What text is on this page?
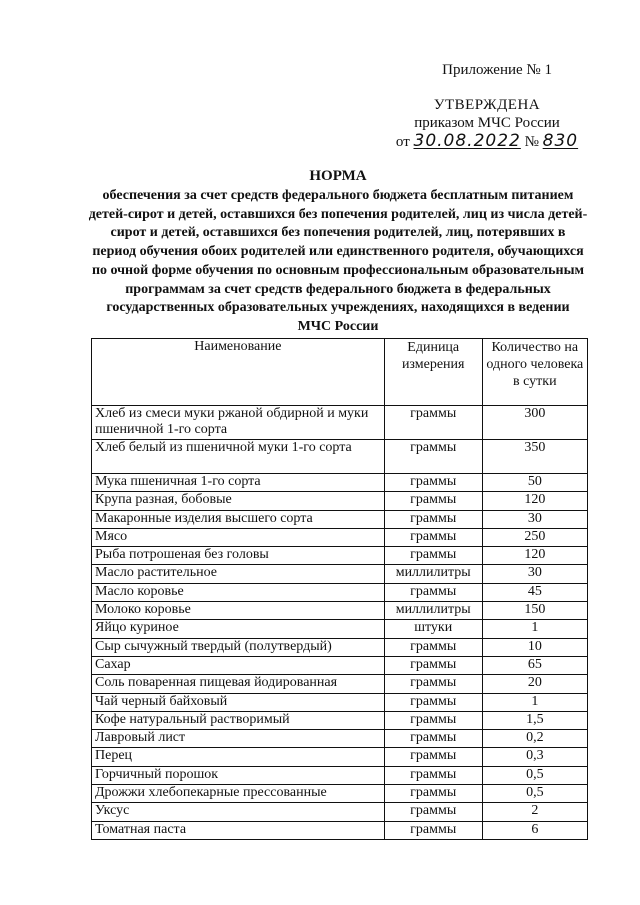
Приложение № 1
УТВЕРЖДЕНА
приказом МЧС России
от 30.08.2022 № 830
НОРМА
обеспечения за счет средств федерального бюджета бесплатным питанием детей-сирот и детей, оставшихся без попечения родителей, лиц из числа детей-сирот и детей, оставшихся без попечения родителей, лиц, потерявших в период обучения обоих родителей или единственного родителя, обучающихся по очной форме обучения по основным профессиональным образовательным программам за счет средств федерального бюджета в федеральных государственных образовательных учреждениях, находящихся в ведении МЧС России
Наименование	Единица измерения	Количество на одного человека в сутки
Хлеб из смеси муки ржаной обдирной и муки пшеничной 1-го сорта	граммы	300
Хлеб белый из пшеничной муки 1-го сорта	граммы	350
Мука пшеничная 1-го сорта	граммы	50
Крупа разная, бобовые	граммы	120
Макаронные изделия высшего сорта	граммы	30
Мясо	граммы	250
Рыба потрошеная без головы	граммы	120
Масло растительное	миллилитры	30
Масло коровье	граммы	45
Молоко коровье	миллилитры	150
Яйцо куриное	штуки	1
Сыр сычужный твердый (полутвердый)	граммы	10
Сахар	граммы	65
Соль поваренная пищевая йодированная	граммы	20
Чай черный байховый	граммы	1
Кофе натуральный растворимый	граммы	1,5
Лавровый лист	граммы	0,2
Перец	граммы	0,3
Горчичный порошок	граммы	0,5
Дрожжи хлебопекарные прессованные	граммы	0,5
Уксус	граммы	2
Томатная паста	граммы	6
